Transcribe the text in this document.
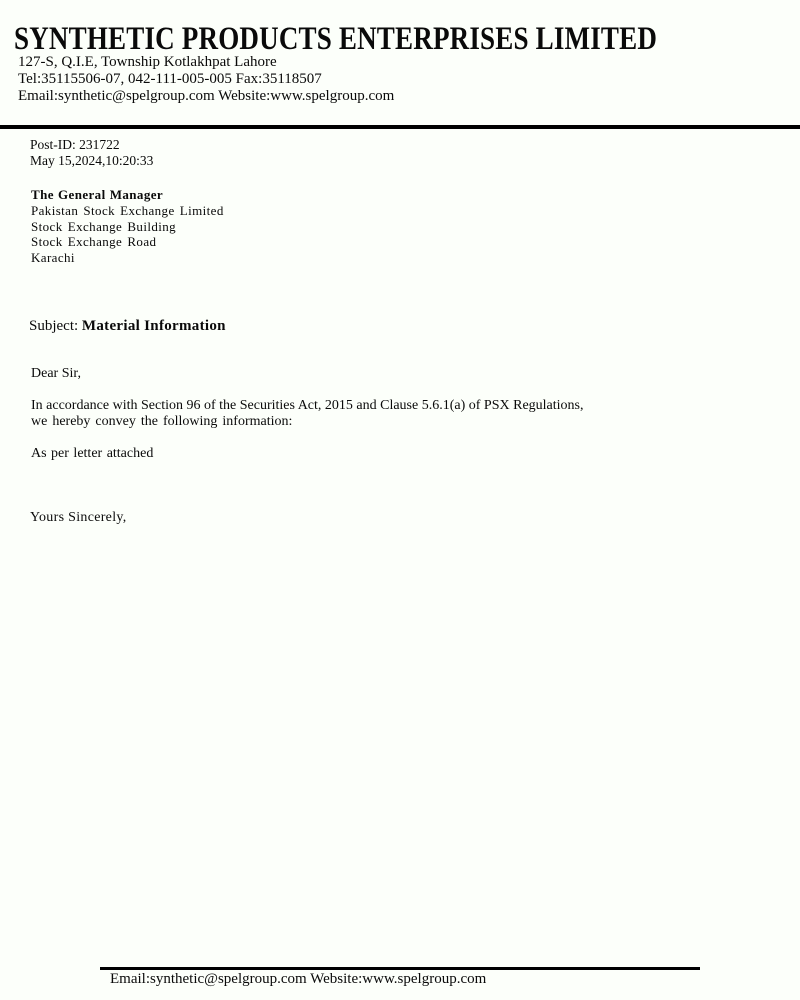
SYNTHETIC PRODUCTS ENTERPRISES LIMITED
127-S, Q.I.E, Township Kotlakhpat Lahore
Tel:35115506-07, 042-111-005-005 Fax:35118507
Email:synthetic@spelgroup.com Website:www.spelgroup.com
Post-ID: 231722
May 15,2024,10:20:33
The General Manager
Pakistan Stock Exchange Limited
Stock Exchange Building
Stock Exchange Road
Karachi
Subject: Material Information
Dear Sir,
In accordance with Section 96 of the Securities Act, 2015 and Clause 5.6.1(a) of PSX Regulations,
we hereby convey the following information:
As per letter attached
Yours Sincerely,
Email:synthetic@spelgroup.com Website:www.spelgroup.com
